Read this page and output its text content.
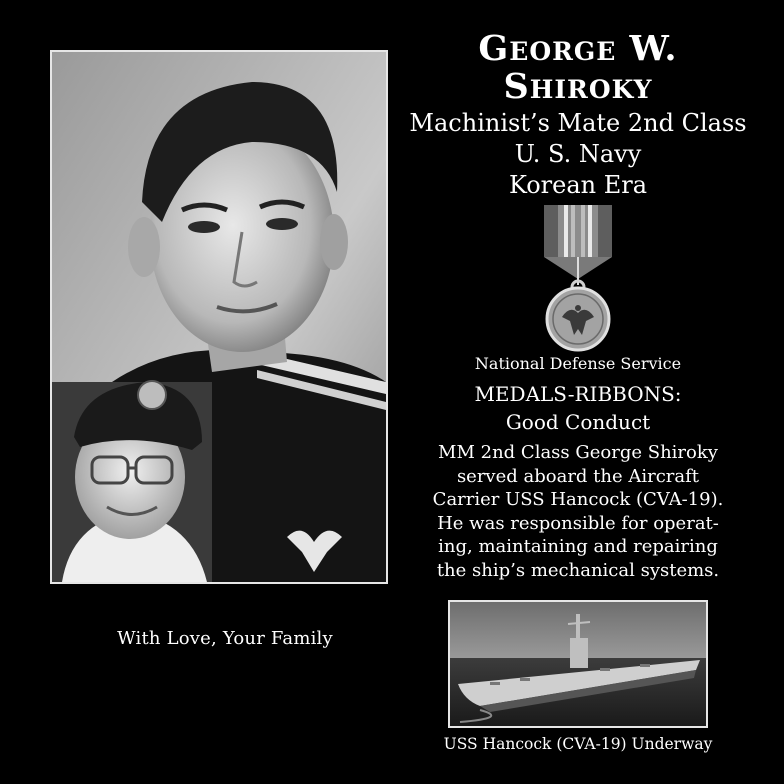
With Love, Your Family

George W. Shiroky

Machinist’s Mate 2nd Class

U. S. Navy

Korean Era

National Defense Service
MEDALS-RIBBONS:
Good Conduct
MM 2nd Class George Shiroky
served aboard the Aircraft
Carrier USS Hancock (CVA-19).
He was responsible for operat-
ing, maintaining and repairing
the ship’s mechanical systems.
USS Hancock (CVA-19) Underway
